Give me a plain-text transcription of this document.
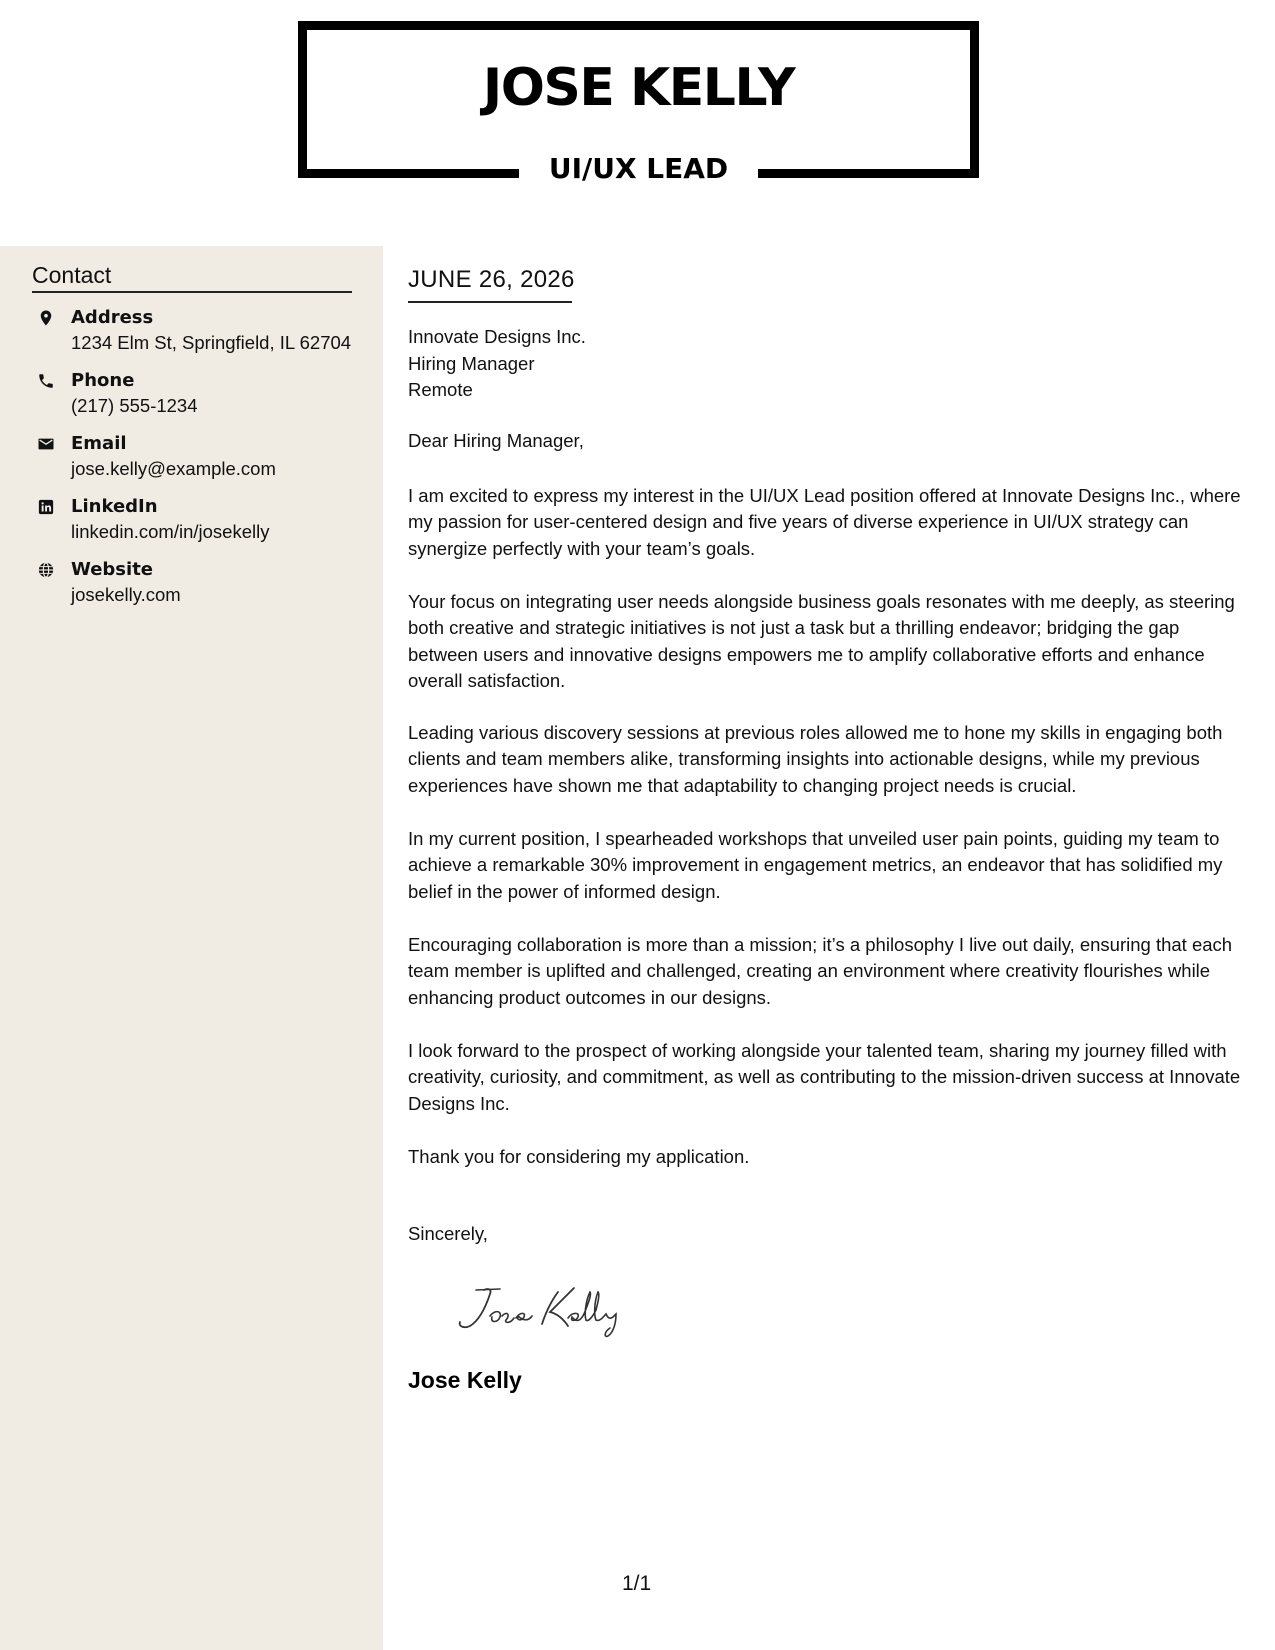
JOSE KELLY
UI/UX LEAD
Contact
Address
1234 Elm St, Springfield, IL 62704
Phone
(217) 555-1234
Email
jose.kelly@example.com
LinkedIn
linkedin.com/in/josekelly
Website
josekelly.com
JUNE 26, 2026
Innovate Designs Inc.
Hiring Manager
Remote
Dear Hiring Manager,
I am excited to express my interest in the UI/UX Lead position offered at Innovate Designs Inc., where my passion for user-centered design and five years of diverse experience in UI/UX strategy can synergize perfectly with your team’s goals.
Your focus on integrating user needs alongside business goals resonates with me deeply, as steering both creative and strategic initiatives is not just a task but a thrilling endeavor; bridging the gap between users and innovative designs empowers me to amplify collaborative efforts and enhance overall satisfaction.
Leading various discovery sessions at previous roles allowed me to hone my skills in engaging both clients and team members alike, transforming insights into actionable designs, while my previous experiences have shown me that adaptability to changing project needs is crucial.
In my current position, I spearheaded workshops that unveiled user pain points, guiding my team to achieve a remarkable 30% improvement in engagement metrics, an endeavor that has solidified my belief in the power of informed design.
Encouraging collaboration is more than a mission; it’s a philosophy I live out daily, ensuring that each team member is uplifted and challenged, creating an environment where creativity flourishes while enhancing product outcomes in our designs.
I look forward to the prospect of working alongside your talented team, sharing my journey filled with creativity, curiosity, and commitment, as well as contributing to the mission-driven success at Innovate Designs Inc.
Thank you for considering my application.
Sincerely,
Jose Kelly
1/1
